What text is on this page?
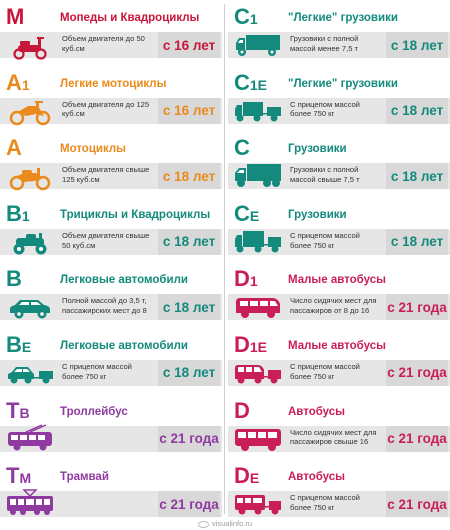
M	Мопеды и Квадроциклы
Объем двигателя до 50 куб.см	с 16 лет
A1	Легкие мотоциклы
Объем двигателя до 125 куб.см	с 16 лет
A	Мотоциклы
Объем двигателя свыше 125 куб.см	с 18 лет
B1	Трициклы и Квадроциклы
Объем двигателя свыше 50 куб.см	с 18 лет
B	Легковые автомобили
Полной массой до 3,5 т, пассажирских мест до 8	с 18 лет
BE	Легковые автомобили
С прицепом массой более 750 кг	с 18 лет
TB	Троллейбус
с 21 года
TM	Трамвай
с 21 года
C1	"Легкие" грузовики
Грузовики с полной массой менее 7,5 т	с 18 лет
C1E	"Легкие" грузовики
С прицепом массой более 750 кг	с 18 лет
C	Грузовики
Грузовики с полной массой свыше 7,5 т	с 18 лет
CE	Грузовики
С прицепом массой более 750 кг	с 18 лет
D1	Малые автобусы
Число сидячих мест для пассажиров от 8 до 16	с 21 года
D1E	Малые автобусы
С прицепом массой более 750 кг	с 21 года
D	Автобусы
Число сидячих мест для пассажиров свыше 16	с 21 года
DE	Автобусы
С прицепом массой более 750 кг	с 21 года
visualinfo.ru
